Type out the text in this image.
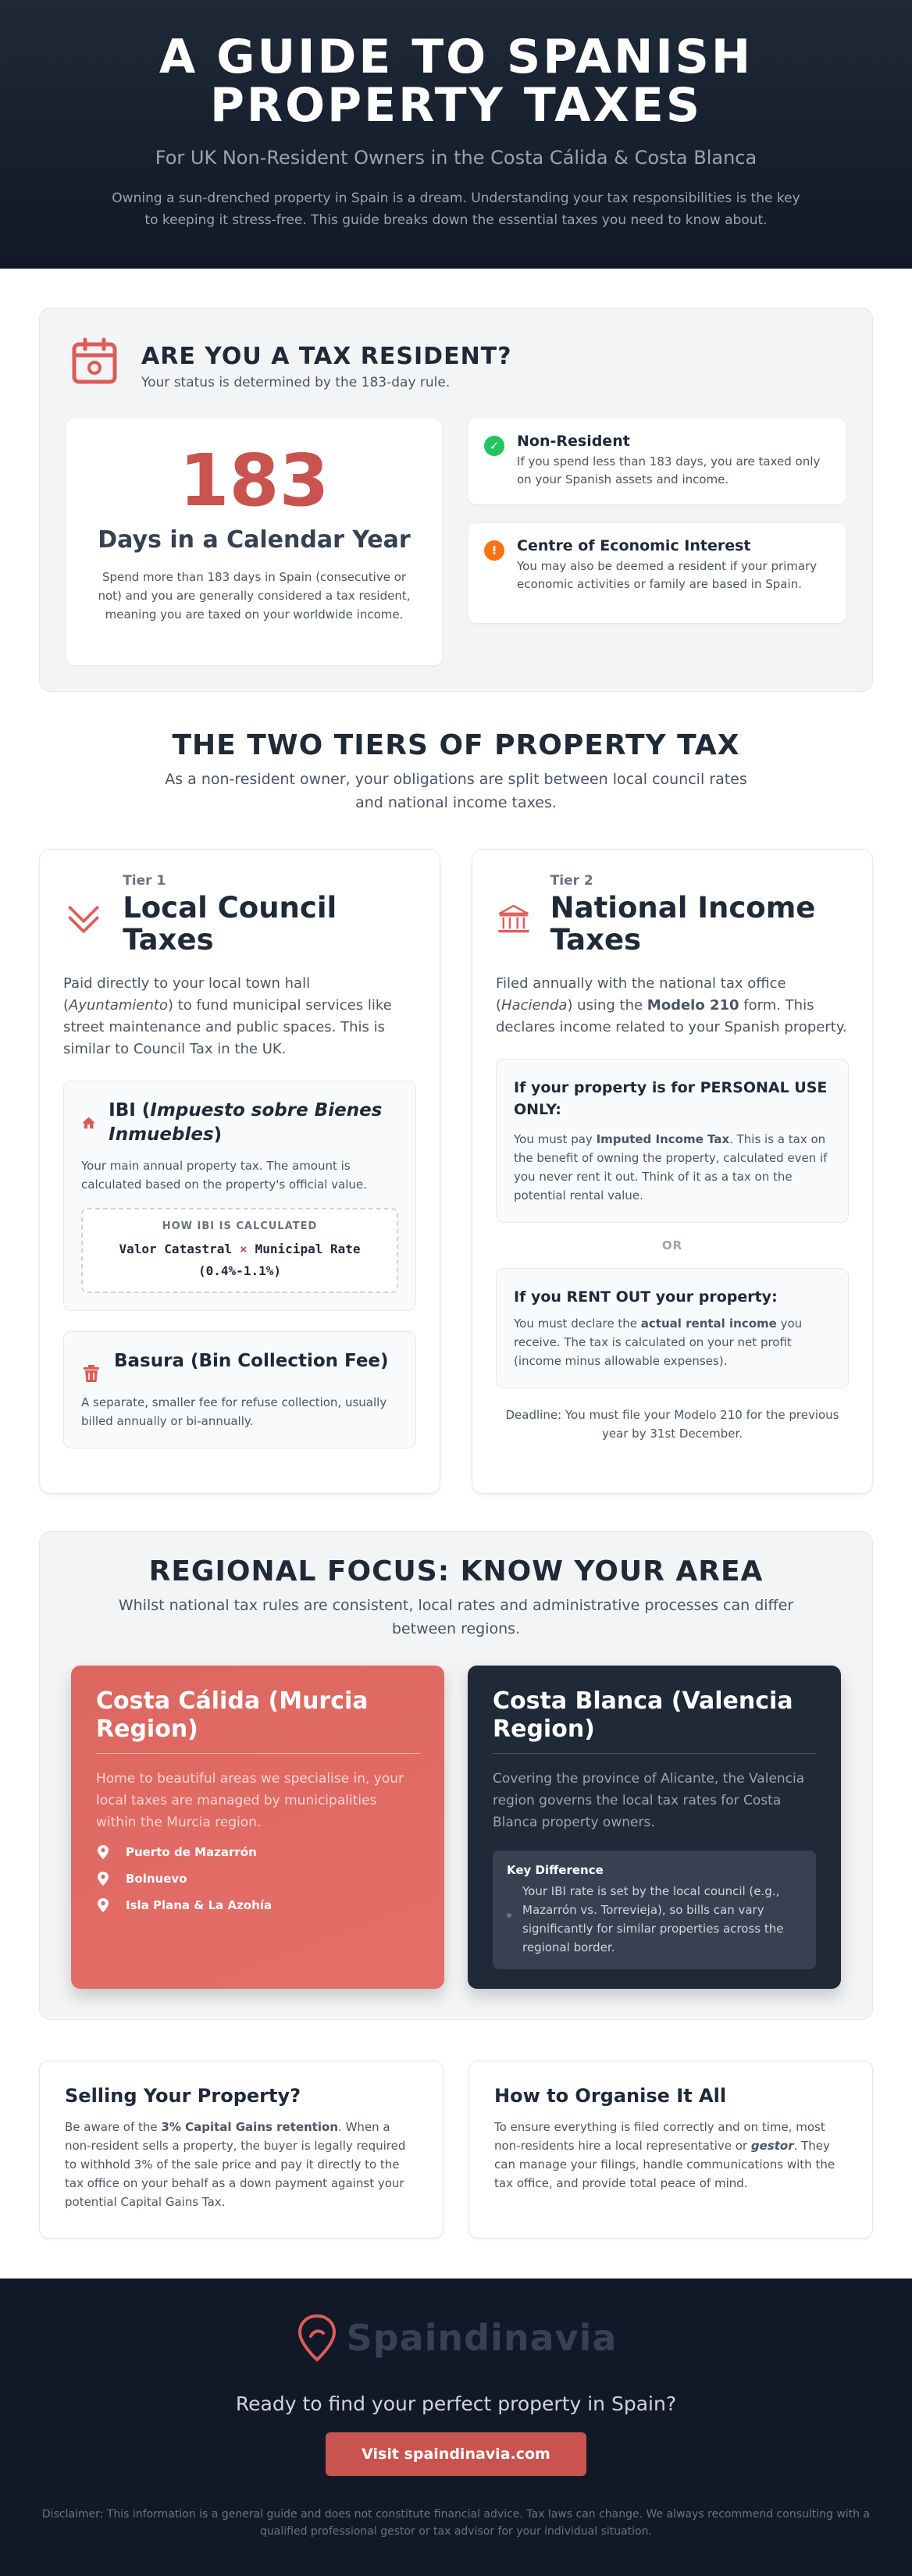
A GUIDE TO SPANISH
PROPERTY TAXES

For UK Non-Resident Owners in the Costa Cálida & Costa Blanca

Owning a sun-drenched property in Spain is a dream. Understanding your tax responsibilities is the key to keeping it stress-free. This guide breaks down the essential taxes you need to know about.

ARE YOU A TAX RESIDENT?

Your status is determined by the 183-day rule.

183
Days in a Calendar Year

Spend more than 183 days in Spain (consecutive or not) and you are generally considered a tax resident, meaning you are taxed on your worldwide income.

✓	Non-Resident

If you spend less than 183 days, you are taxed only on your Spanish assets and income.

!	Centre of Economic Interest

You may also be deemed a resident if your primary economic activities or family are based in Spain.

THE TWO TIERS OF PROPERTY TAX

As a non-resident owner, your obligations are split between local council rates and national income taxes.

Tier 1
Local Council Taxes

Paid directly to your local town hall (Ayuntamiento) to fund municipal services like street maintenance and public spaces. This is similar to Council Tax in the UK.

IBI (Impuesto sobre Bienes Inmuebles)

Your main annual property tax. The amount is calculated based on the property's official value.

HOW IBI IS CALCULATED
Valor Catastral × Municipal Rate
(0.4%-1.1%)
Basura (Bin Collection Fee)

A separate, smaller fee for refuse collection, usually billed annually or bi-annually.

Tier 2
National Income Taxes

Filed annually with the national tax office (Hacienda) using the Modelo 210 form. This declares income related to your Spanish property.

If your property is for PERSONAL USE ONLY:

You must pay Imputed Income Tax. This is a tax on the benefit of owning the property, calculated even if you never rent it out. Think of it as a tax on the potential rental value.

OR
If you RENT OUT your property:

You must declare the actual rental income you receive. The tax is calculated on your net profit (income minus allowable expenses).

Deadline: You must file your Modelo 210 for the previous year by 31st December.

REGIONAL FOCUS: KNOW YOUR AREA

Whilst national tax rules are consistent, local rates and administrative processes can differ between regions.

Costa Cálida (Murcia Region)

Home to beautiful areas we specialise in, your local taxes are managed by municipalities within the Murcia region.

Puerto de Mazarrón
Bolnuevo
Isla Plana & La Azohía
Costa Blanca (Valencia Region)

Covering the province of Alicante, the Valencia region governs the local tax rates for Costa Blanca property owners.

Key Difference

Your IBI rate is set by the local council (e.g., Mazarrón vs. Torrevieja), so bills can vary significantly for similar properties across the regional border.

Selling Your Property?

Be aware of the 3% Capital Gains retention. When a non-resident sells a property, the buyer is legally required to withhold 3% of the sale price and pay it directly to the tax office on your behalf as a down payment against your potential Capital Gains Tax.

How to Organise It All

To ensure everything is filed correctly and on time, most non-residents hire a local representative or gestor. They can manage your filings, handle communications with the tax office, and provide total peace of mind.

Spaindinavia

Ready to find your perfect property in Spain?

Visit spaindinavia.com

Disclaimer: This information is a general guide and does not constitute financial advice. Tax laws can change. We always recommend consulting with a qualified professional gestor or tax advisor for your individual situation.
